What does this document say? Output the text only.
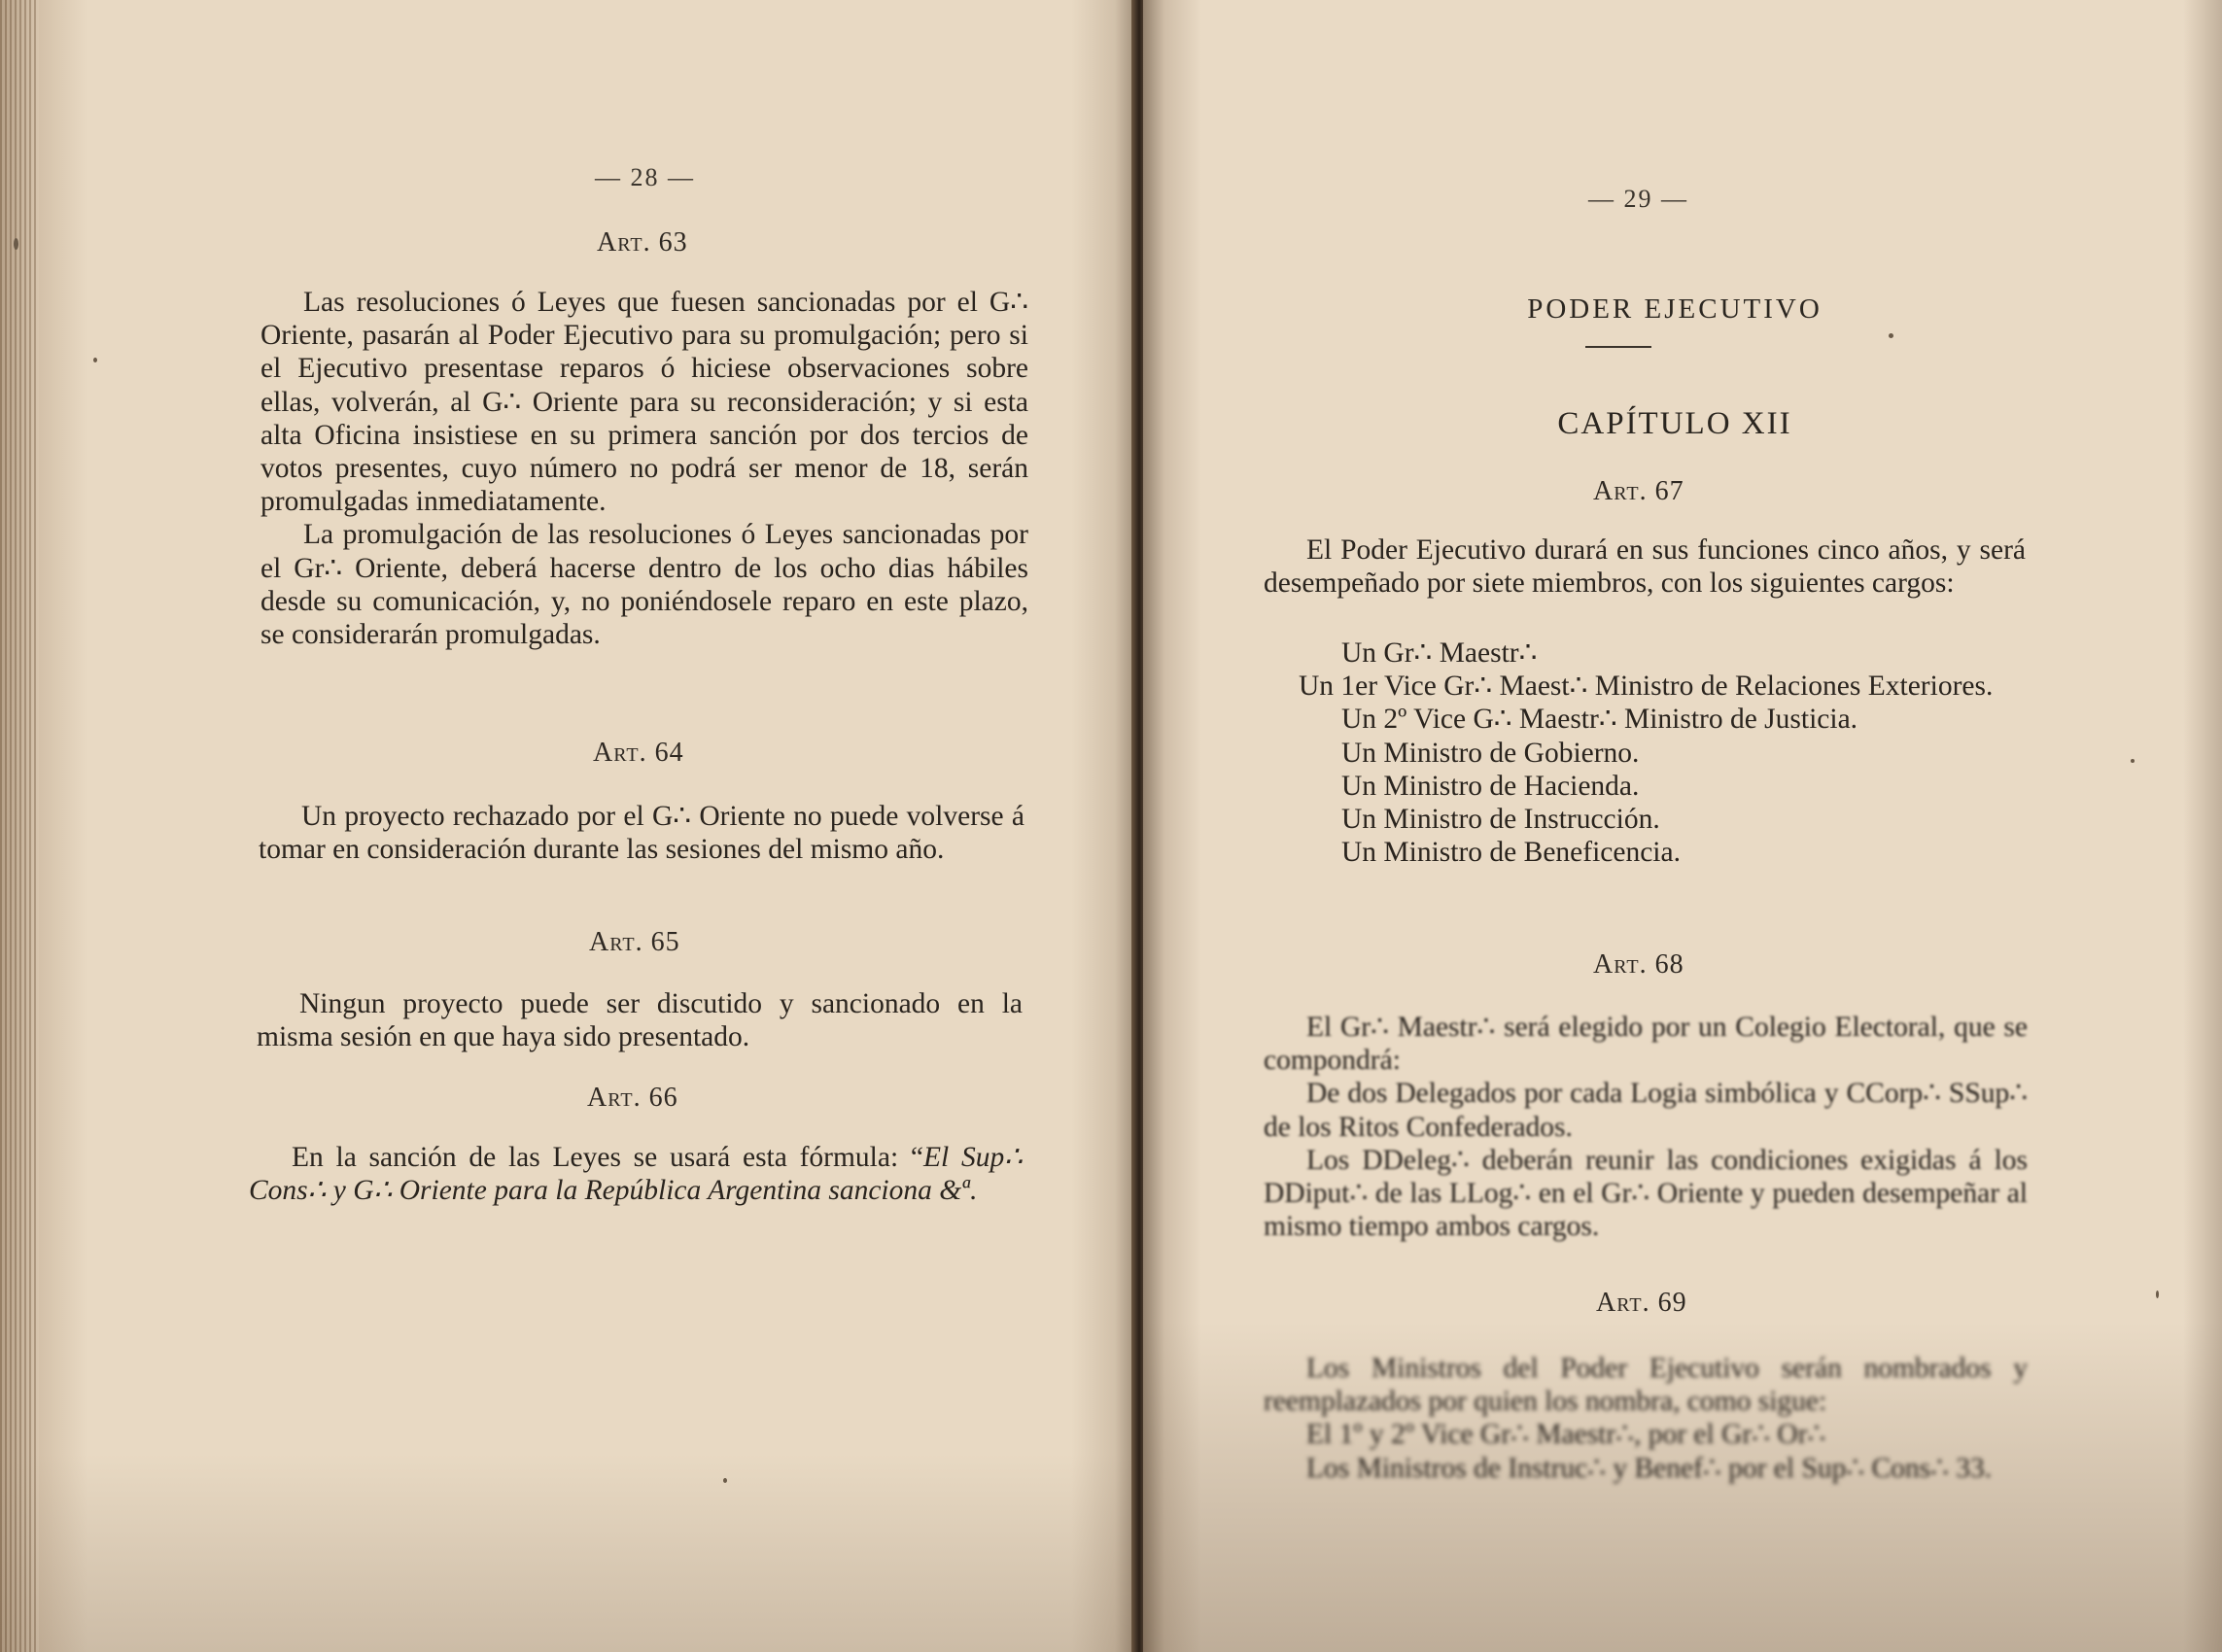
— 28 —
Art. 63

Las resoluciones ó Leyes que fuesen sancionadas por el G∴ Oriente, pasarán al Poder Ejecutivo para su promulgación; pero si el Ejecutivo presentase reparos ó hiciese observaciones sobre ellas, volverán, al G∴ Oriente para su reconsideración; y si esta alta Oficina insistiese en su primera sanción por dos tercios de votos presentes, cuyo número no podrá ser menor de 18, serán promulgadas inmediatamente.

La promulgación de las resoluciones ó Leyes sancionadas por el Gr∴ Oriente, deberá hacerse dentro de los ocho dias hábiles desde su comunicación, y, no poniéndosele reparo en este plazo, se considerarán promulgadas.

Art. 64

Un proyecto rechazado por el G∴ Oriente no puede volverse á tomar en consideración durante las sesiones del mismo año.

Art. 65

Ningun proyecto puede ser discutido y sancionado en la misma sesión en que haya sido presentado.

Art. 66

En la sanción de las Leyes se usará esta fórmula: “El Sup∴ Cons∴ y G∴ Oriente para la República Argentina sanciona &ª.

— 29 —
PODER EJECUTIVO
CAPÍTULO XII
Art. 67

El Poder Ejecutivo durará en sus funciones cinco años, y será desempeñado por siete miembros, con los siguientes cargos:

Un Gr∴ Maestr∴

Un 1er Vice Gr∴ Maest∴ Ministro de Relaciones Exteriores.

Un 2º Vice G∴ Maestr∴ Ministro de Justicia.

Un Ministro de Gobierno.

Un Ministro de Hacienda.

Un Ministro de Instrucción.

Un Ministro de Beneficencia.

Art. 68

El Gr∴ Maestr∴ será elegido por un Colegio Electoral, que se compondrá:

De dos Delegados por cada Logia simbólica y CCorp∴ SSup∴ de los Ritos Confederados.

Los DDeleg∴ deberán reunir las condiciones exigidas á los DDiput∴ de las LLog∴ en el Gr∴ Oriente y pueden desempeñar al mismo tiempo ambos cargos.

Art. 69

Los Ministros del Poder Ejecutivo serán nombrados y reemplazados por quien los nombra, como sigue:

El 1º y 2º Vice Gr∴ Maestr∴, por el Gr∴ Or∴

Los Ministros de Instruc∴ y Benef∴ por el Sup∴ Cons∴ 33.
